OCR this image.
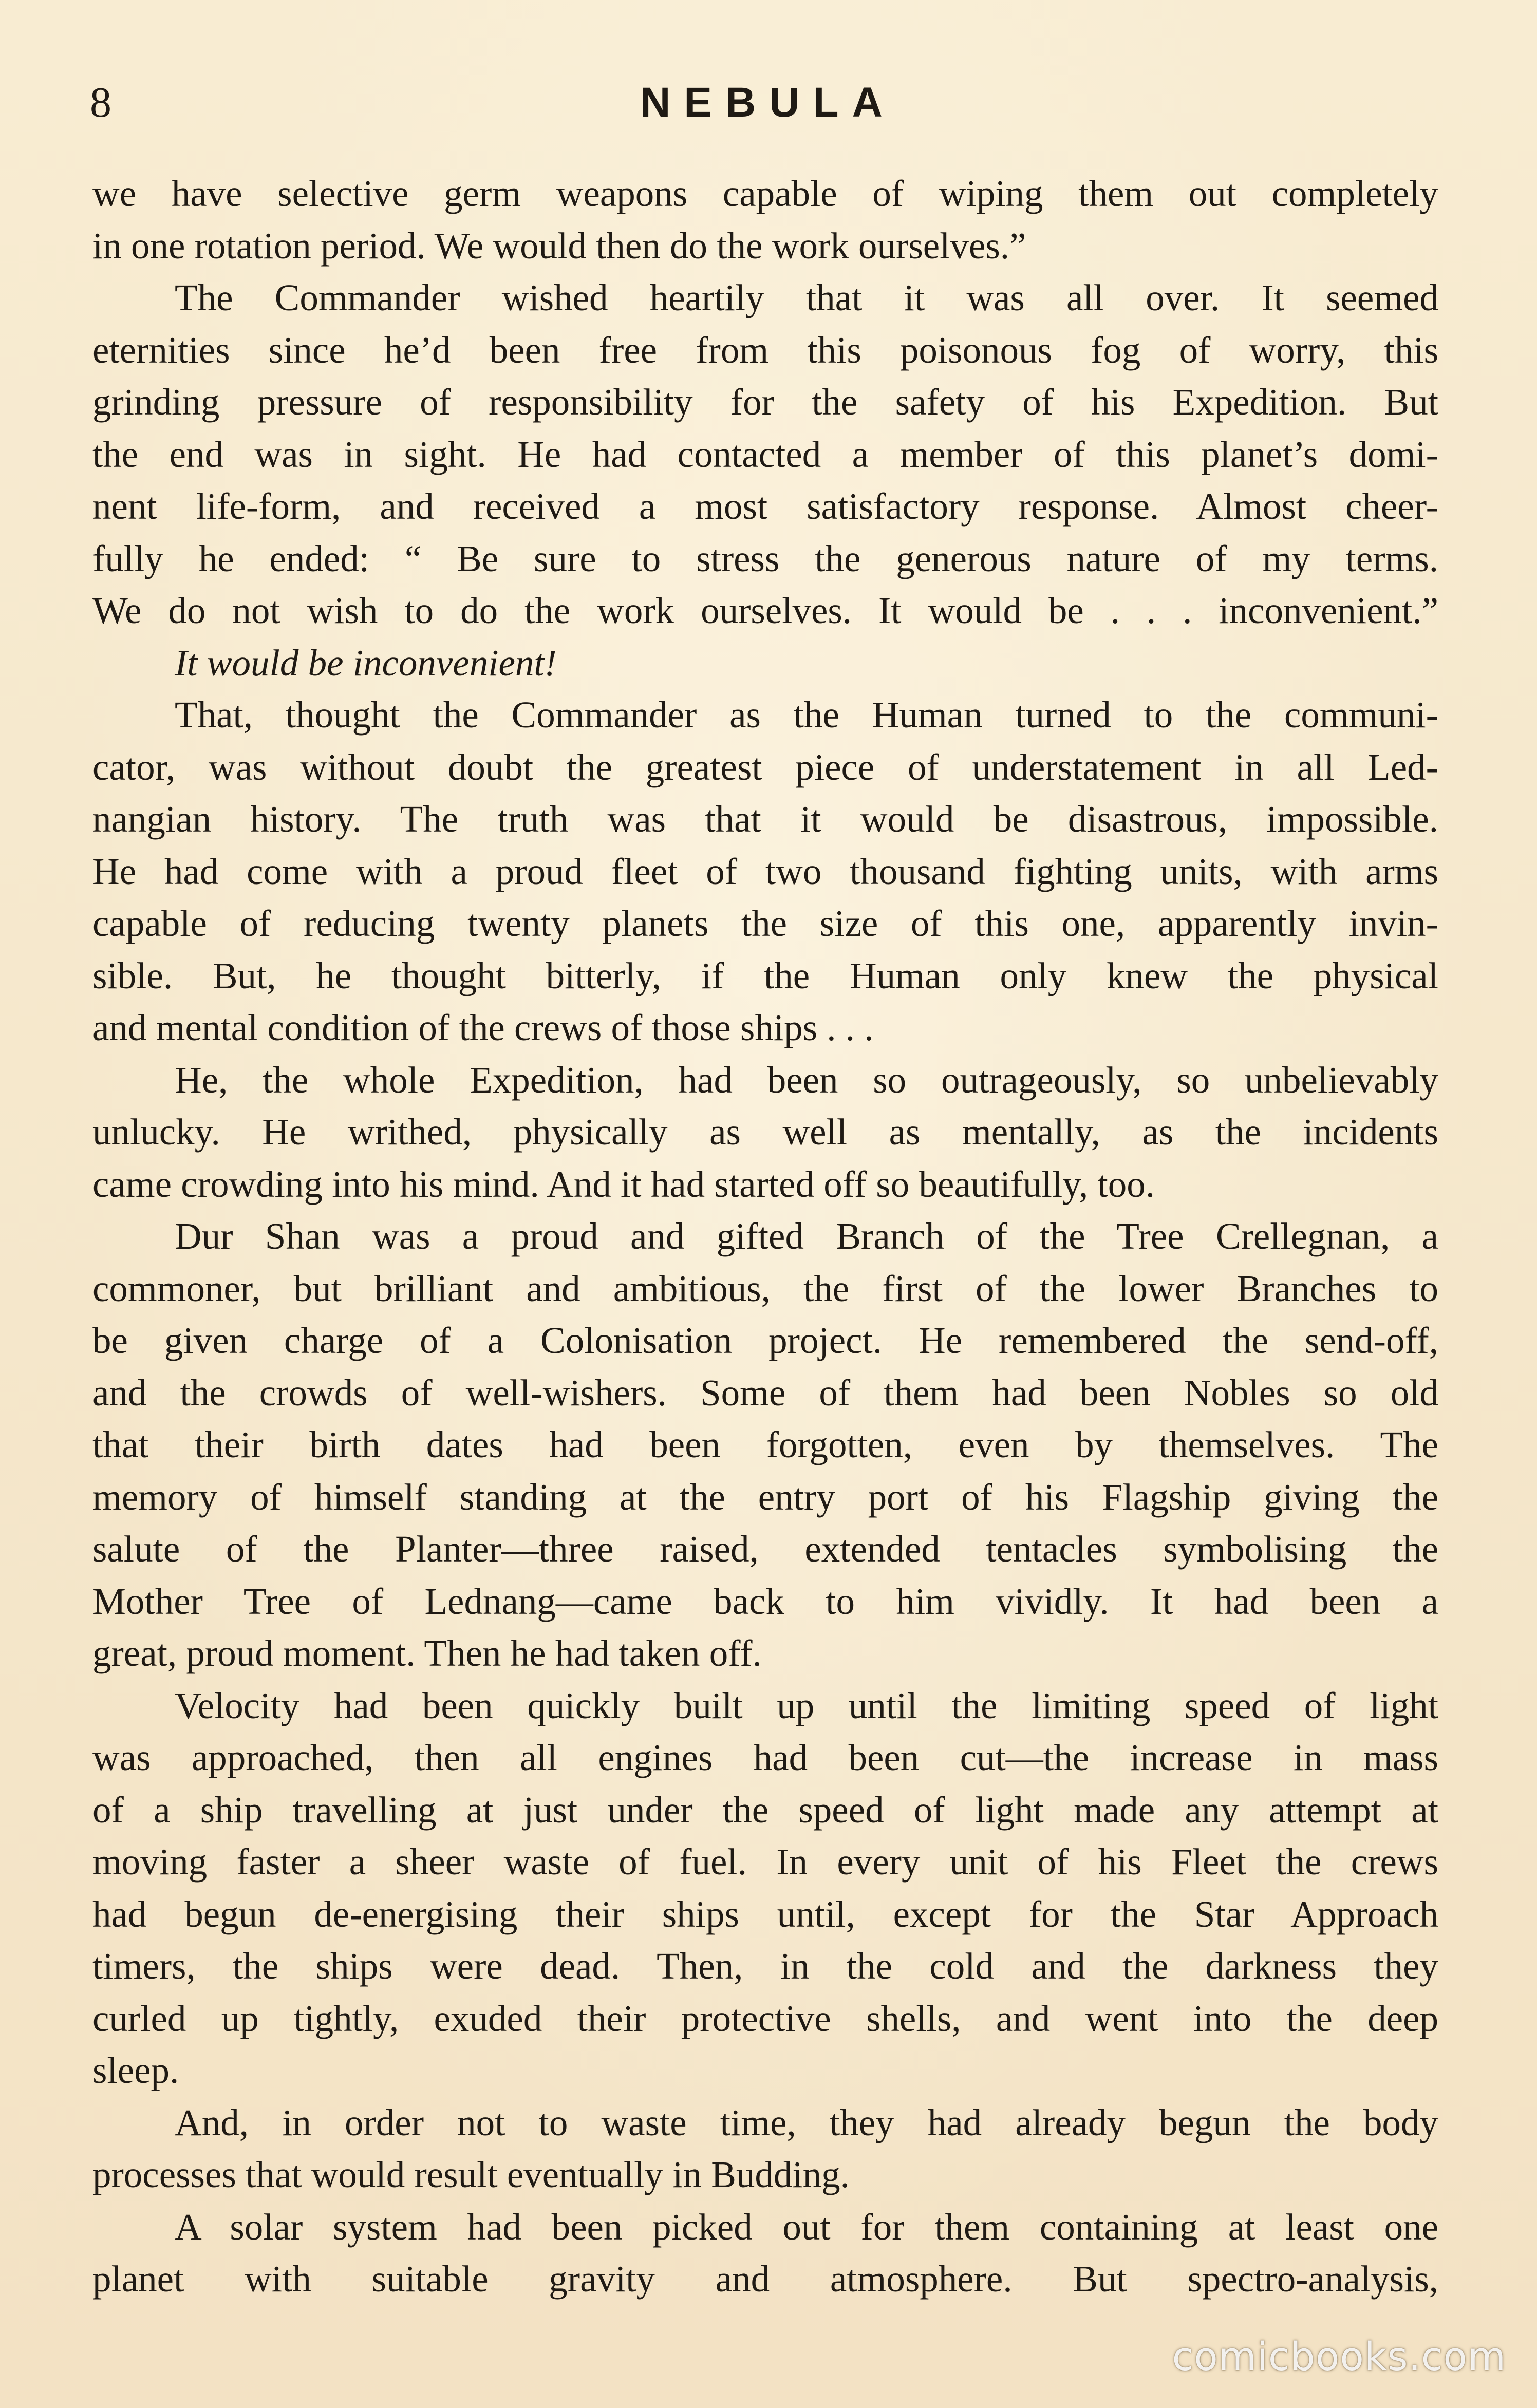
8	NEBULA
we have selective germ weapons capable of wiping them out completely
in one rotation period. We would then do the work ourselves.”
The Commander wished heartily that it was all over. It seemed
eternities since he’d been free from this poisonous fog of worry, this
grinding pressure of responsibility for the safety of his Expedition. But
the end was in sight. He had contacted a member of this planet’s domi-
nent life-form, and received a most satisfactory response. Almost cheer-
fully he ended: “ Be sure to stress the generous nature of my terms.
We do not wish to do the work ourselves. It would be . . . inconvenient.”
It would be inconvenient!
That, thought the Commander as the Human turned to the communi-
cator, was without doubt the greatest piece of understatement in all Led-
nangian history. The truth was that it would be disastrous, impossible.
He had come with a proud fleet of two thousand fighting units, with arms
capable of reducing twenty planets the size of this one, apparently invin-
sible. But, he thought bitterly, if the Human only knew the physical
and mental condition of the crews of those ships . . .
He, the whole Expedition, had been so outrageously, so unbelievably
unlucky. He writhed, physically as well as mentally, as the incidents
came crowding into his mind. And it had started off so beautifully, too.
Dur Shan was a proud and gifted Branch of the Tree Crellegnan, a
commoner, but brilliant and ambitious, the first of the lower Branches to
be given charge of a Colonisation project. He remembered the send-off,
and the crowds of well-wishers. Some of them had been Nobles so old
that their birth dates had been forgotten, even by themselves. The
memory of himself standing at the entry port of his Flagship giving the
salute of the Planter—three raised, extended tentacles symbolising the
Mother Tree of Lednang—came back to him vividly. It had been a
great, proud moment. Then he had taken off.
Velocity had been quickly built up until the limiting speed of light
was approached, then all engines had been cut—the increase in mass
of a ship travelling at just under the speed of light made any attempt at
moving faster a sheer waste of fuel. In every unit of his Fleet the crews
had begun de-energising their ships until, except for the Star Approach
timers, the ships were dead. Then, in the cold and the darkness they
curled up tightly, exuded their protective shells, and went into the deep
sleep.
And, in order not to waste time, they had already begun the body
processes that would result eventually in Budding.
A solar system had been picked out for them containing at least one
planet with suitable gravity and atmosphere. But spectro-analysis,
comicbooks.com
